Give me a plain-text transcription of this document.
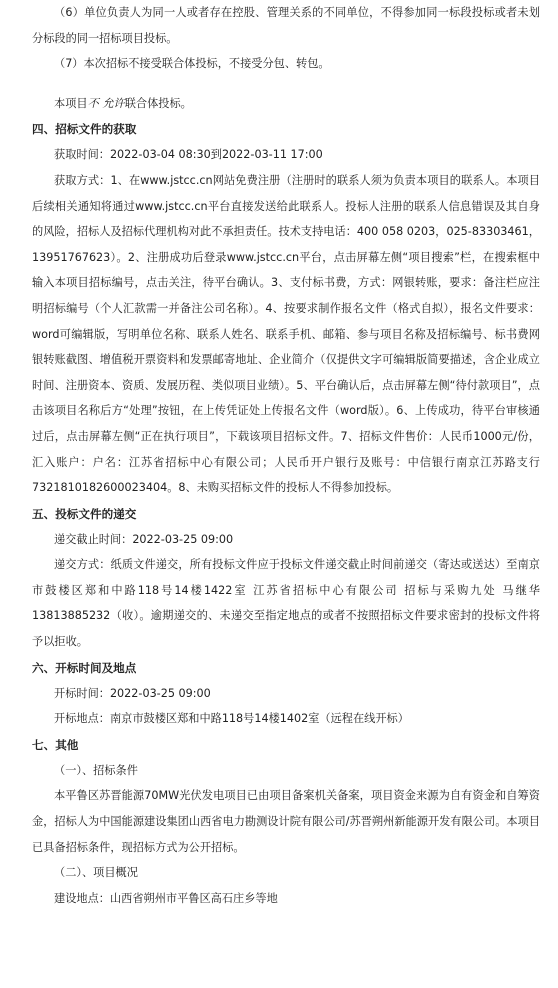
（6）单位负责人为同一人或者存在控股、管理关系的不同单位，不得参加同一标段投标或者未划分标段的同一招标项目投标。

（7）本次招标不接受联合体投标，不接受分包、转包。

本项目不 允许联合体投标。

四、招标文件的获取

获取时间：2022-03-04 08:30到2022-03-11 17:00

获取方式：1、在www.jstcc.cn网站免费注册（注册时的联系人须为负责本项目的联系人。本项目后续相关通知将通过www.jstcc.cn平台直接发送给此联系人。投标人注册的联系人信息错误及其自身的风险，招标人及招标代理机构对此不承担责任。技术支持电话：400 058 0203，025-83303461，13951767623）。2、注册成功后登录www.jstcc.cn平台，点击屏幕左侧“项目搜索”栏，在搜索框中输入本项目招标编号，点击关注，待平台确认。3、支付标书费，方式：网银转账，要求：备注栏应注明招标编号（个人汇款需一并备注公司名称）。4、按要求制作报名文件（格式自拟），报名文件要求：word可编辑版，写明单位名称、联系人姓名、联系手机、邮箱、参与项目名称及招标编号、标书费网银转账截图、增值税开票资料和发票邮寄地址、企业简介（仅提供文字可编辑版简要描述，含企业成立时间、注册资本、资质、发展历程、类似项目业绩）。5、平台确认后，点击屏幕左侧“待付款项目”，点击该项目名称后方“处理”按钮，在上传凭证处上传报名文件（word版）。6、上传成功，待平台审核通过后，点击屏幕左侧“正在执行项目”，下载该项目招标文件。7、招标文件售价：人民币1000元/份，汇入账户：户名：江苏省招标中心有限公司；人民币开户银行及账号：中信银行南京江苏路支行7321810182600023404。8、未购买招标文件的投标人不得参加投标。

五、投标文件的递交

递交截止时间：2022-03-25 09:00

递交方式：纸质文件递交，所有投标文件应于投标文件递交截止时间前递交（寄达或送达）至南京市鼓楼区郑和中路118号14楼1422室 江苏省招标中心有限公司 招标与采购九处 马继华13813885232（收）。逾期递交的、未递交至指定地点的或者不按照招标文件要求密封的投标文件将予以拒收。

六、开标时间及地点

开标时间：2022-03-25 09:00

开标地点：南京市鼓楼区郑和中路118号14楼1402室（远程在线开标）

七、其他

（一）、招标条件

本平鲁区苏晋能源70MW光伏发电项目已由项目备案机关备案，项目资金来源为自有资金和自筹资金，招标人为中国能源建设集团山西省电力勘测设计院有限公司/苏晋朔州新能源开发有限公司。本项目已具备招标条件，现招标方式为公开招标。

（二）、项目概况

建设地点：山西省朔州市平鲁区高石庄乡等地
